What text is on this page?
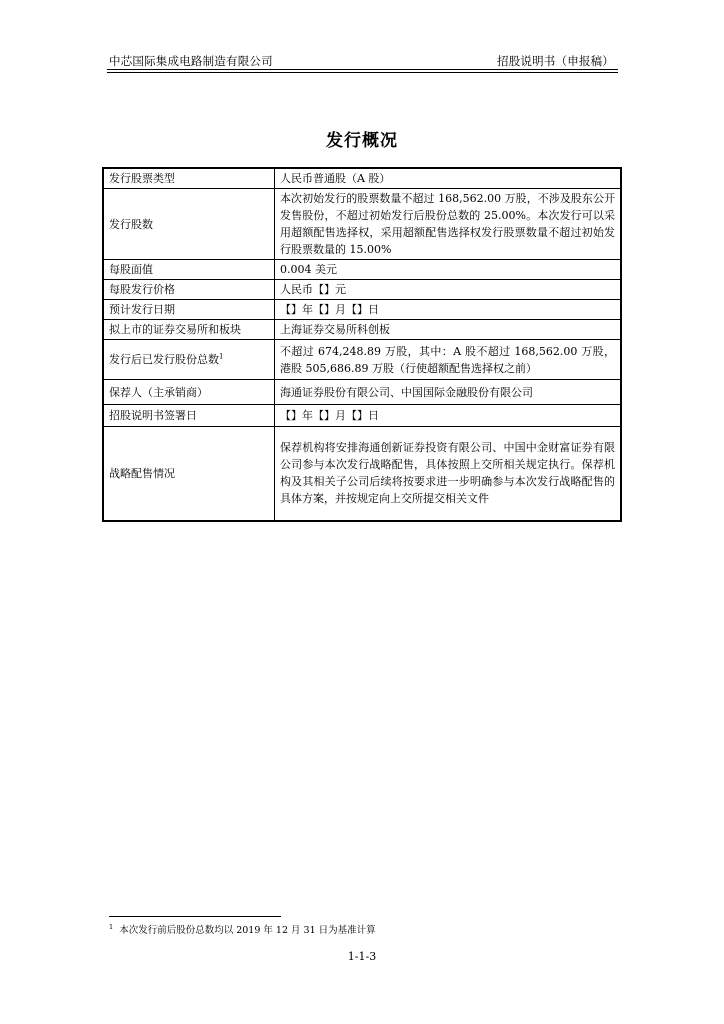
中芯国际集成电路制造有限公司	招股说明书（申报稿）
发行概况
发行股票类型	人民币普通股（A 股）
发行股数	本次初始发行的股票数量不超过 168,562.00 万股，不涉及股东公开发售股份，不超过初始发行后股份总数的 25.00%。本次发行可以采用超额配售选择权，采用超额配售选择权发行股票数量不超过初始发行股票数量的 15.00%
每股面值	0.004 美元
每股发行价格	人民币【】元
预计发行日期	【】年【】月【】日
拟上市的证券交易所和板块	上海证券交易所科创板
发行后已发行股份总数$^1$	不超过 674,248.89 万股，其中：A 股不超过 168,562.00 万股，港股 505,686.89 万股（行使超额配售选择权之前）
保荐人（主承销商）	海通证券股份有限公司、中国国际金融股份有限公司
招股说明书签署日	【】年【】月【】日
战略配售情况	保荐机构将安排海通创新证券投资有限公司、中国中金财富证券有限公司参与本次发行战略配售，具体按照上交所相关规定执行。保荐机构及其相关子公司后续将按要求进一步明确参与本次发行战略配售的具体方案，并按规定向上交所提交相关文件
$^1$ 本次发行前后股份总数均以 2019 年 12 月 31 日为基准计算
1-1-3
